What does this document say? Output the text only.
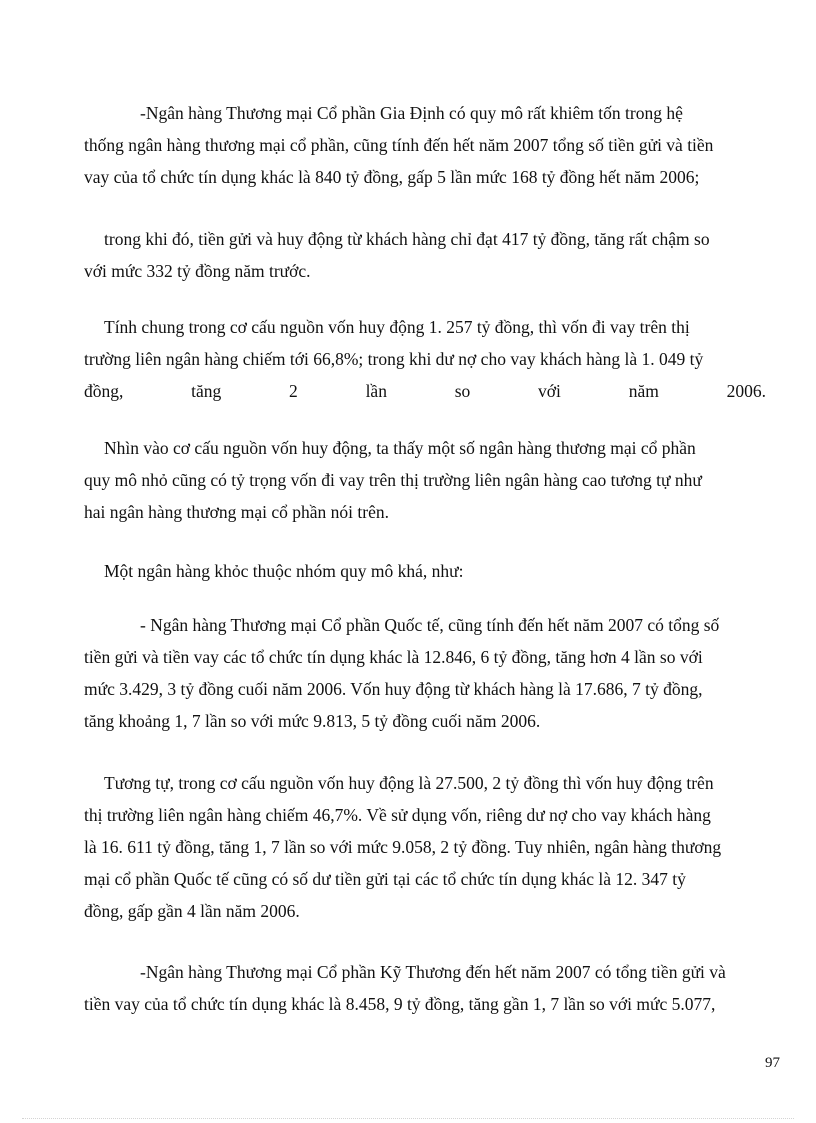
-Ngân hàng Thương mại Cổ phần Gia Định có quy mô rất khiêm tốn trong hệ
thống ngân hàng thương mại cổ phần, cũng tính đến hết năm 2007 tổng số tiền gửi và tiền
vay của tổ chức tín dụng khác là 840 tỷ đồng, gấp 5 lần mức 168 tỷ đồng hết năm 2006;

trong khi đó, tiền gửi và huy động từ khách hàng chỉ đạt 417 tỷ đồng, tăng rất chậm so
với mức 332 tỷ đồng năm trước.

Tính chung trong cơ cấu nguồn vốn huy động 1. 257 tỷ đồng, thì vốn đi vay trên thị
trường liên ngân hàng chiếm tới 66,8%; trong khi dư nợ cho vay khách hàng là 1. 049 tỷ
đồng,	tăng	2	lần	so	với	năm	2006.

Nhìn vào cơ cấu nguồn vốn huy động, ta thấy một số ngân hàng thương mại cổ phần
quy mô nhỏ cũng có tỷ trọng vốn đi vay trên thị trường liên ngân hàng cao tương tự như
hai ngân hàng thương mại cổ phần nói trên.

Một ngân hàng khỏc thuộc nhóm quy mô khá, như:

- Ngân hàng Thương mại Cổ phần Quốc tế, cũng tính đến hết năm 2007 có tổng số
tiền gửi và tiền vay các tổ chức tín dụng khác là 12.846, 6 tỷ đồng, tăng hơn 4 lần so với
mức 3.429, 3 tỷ đồng cuối năm 2006. Vốn huy động từ khách hàng là 17.686, 7 tỷ đồng,
tăng khoảng 1, 7 lần so với mức 9.813, 5 tỷ đồng cuối năm 2006.

Tương tự, trong cơ cấu nguồn vốn huy động là 27.500, 2 tỷ đồng thì vốn huy động trên
thị trường liên ngân hàng chiếm 46,7%. Về sử dụng vốn, riêng dư nợ cho vay khách hàng
là 16. 611 tỷ đồng, tăng 1, 7 lần so với mức 9.058, 2 tỷ đồng. Tuy nhiên, ngân hàng thương
mại cổ phần Quốc tế cũng có số dư tiền gửi tại các tổ chức tín dụng khác là 12. 347 tỷ
đồng, gấp gần 4 lần năm 2006.

-Ngân hàng Thương mại Cổ phần Kỹ Thương đến hết năm 2007 có tổng tiền gửi và
tiền vay của tổ chức tín dụng khác là 8.458, 9 tỷ đồng, tăng gần 1, 7 lần so với mức 5.077,

97
